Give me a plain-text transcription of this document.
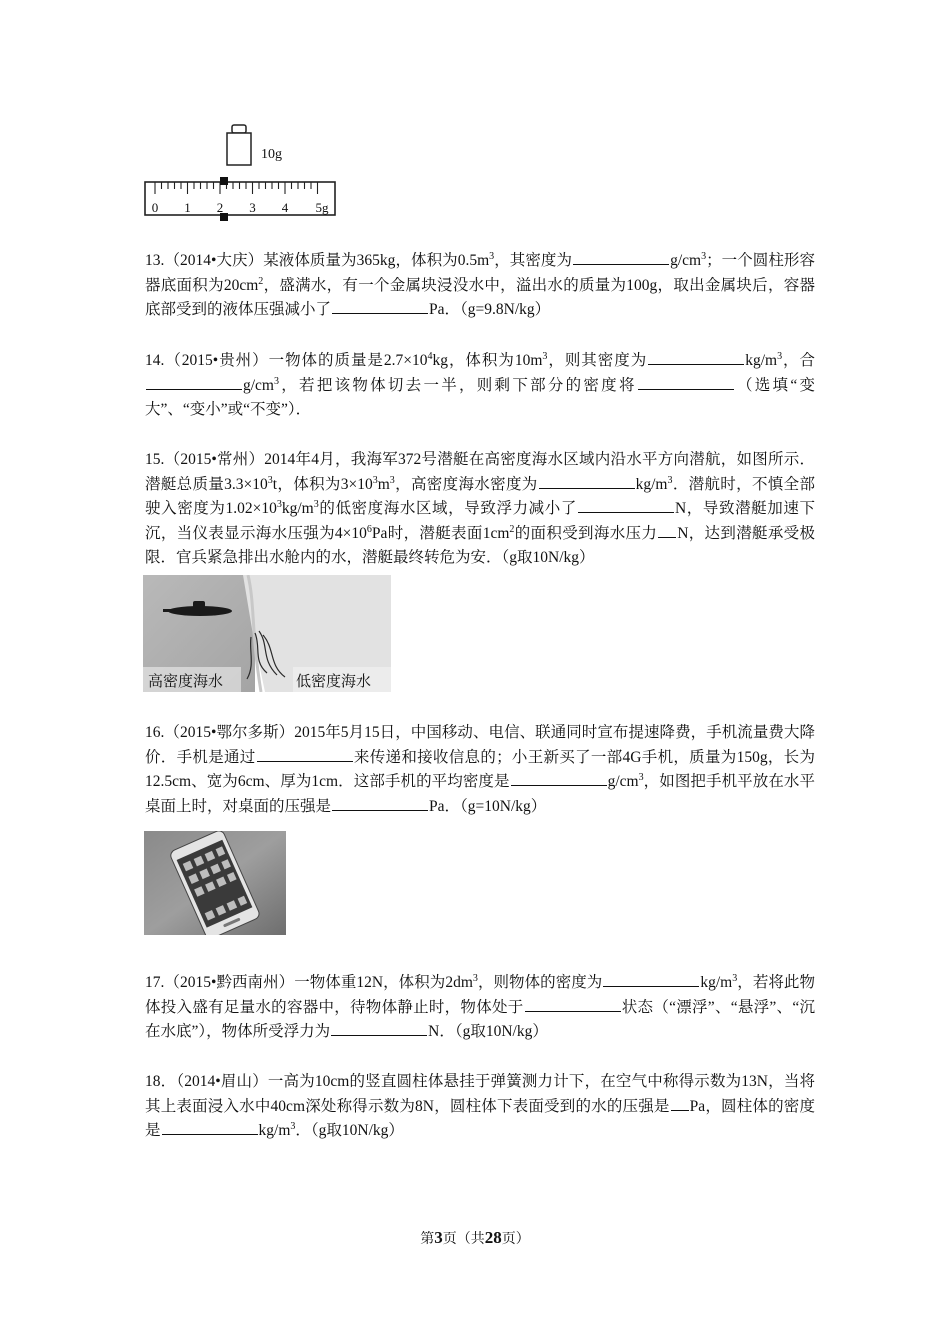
10g
0 1 2 3 4 5g
13.（2014•大庆）某液体质量为365kg，体积为$0.5m^3$，其密度为	$g/cm^3$；一个圆柱形容器底面积为$20cm^2$，盛满水，有一个金属块浸没水中，溢出水的质量为100g，取出金属块后，容器底部受到的液体压强减小了	Pa．（g=9.8N/kg）
14.（2015•贵州）一物体的质量是$2.7\times 10^4kg$，体积为$10m^3$，则其密度为	$kg/m^3$，合$g/cm^3$，若把该物体切去一半，则剩下部分的密度将	（选填“变大”、“变小”或“不变”）．
15.（2015•常州）2014年4月，我海军372号潜艇在高密度海水区域内沿水平方向潜航，如图所示．潜艇总质量$3.3\times 10^3t$，体积为$3\times 10^3m^3$，高密度海水密度为	$kg/m^3$．潜航时，不慎全部驶入密度为$1.02\times 10^3kg/m^3$的低密度海水区域，导致浮力减小了	N，导致潜艇加速下沉，当仪表显示海水压强为$4\times 10^6Pa$时，潜艇表面$1cm^2$的面积受到海水压力 N，达到潜艇承受极限．官兵紧急排出水舱内的水，潜艇最终转危为安．（g取10N/kg）
高密度海水	低密度海水
16.（2015•鄂尔多斯）2015年5月15日，中国移动、电信、联通同时宣布提速降费，手机流量费大降价．手机是通过	来传递和接收信息的；小王新买了一部4G手机，质量为150g，长为12.5cm、宽为6cm、厚为1cm．这部手机的平均密度是	$g/cm^3$，如图把手机平放在水平桌面上时，对桌面的压强是	Pa．（g=10N/kg）
17.（2015•黔西南州）一物体重12N，体积为$2dm^3$，则物体的密度为	$kg/m^3$，若将此物体投入盛有足量水的容器中，待物体静止时，物体处于	状态（“漂浮”、“悬浮”、“沉在水底”），物体所受浮力为	N．（g取10N/kg）
18．（2014•眉山）一高为10cm的竖直圆柱体悬挂于弹簧测力计下，在空气中称得示数为13N，当将其上表面浸入水中40cm深处称得示数为8N，圆柱体下表面受到的水的压强是 Pa，圆柱体的密度是	$kg/m^3$．（g取10N/kg）
第3页（共28页）
